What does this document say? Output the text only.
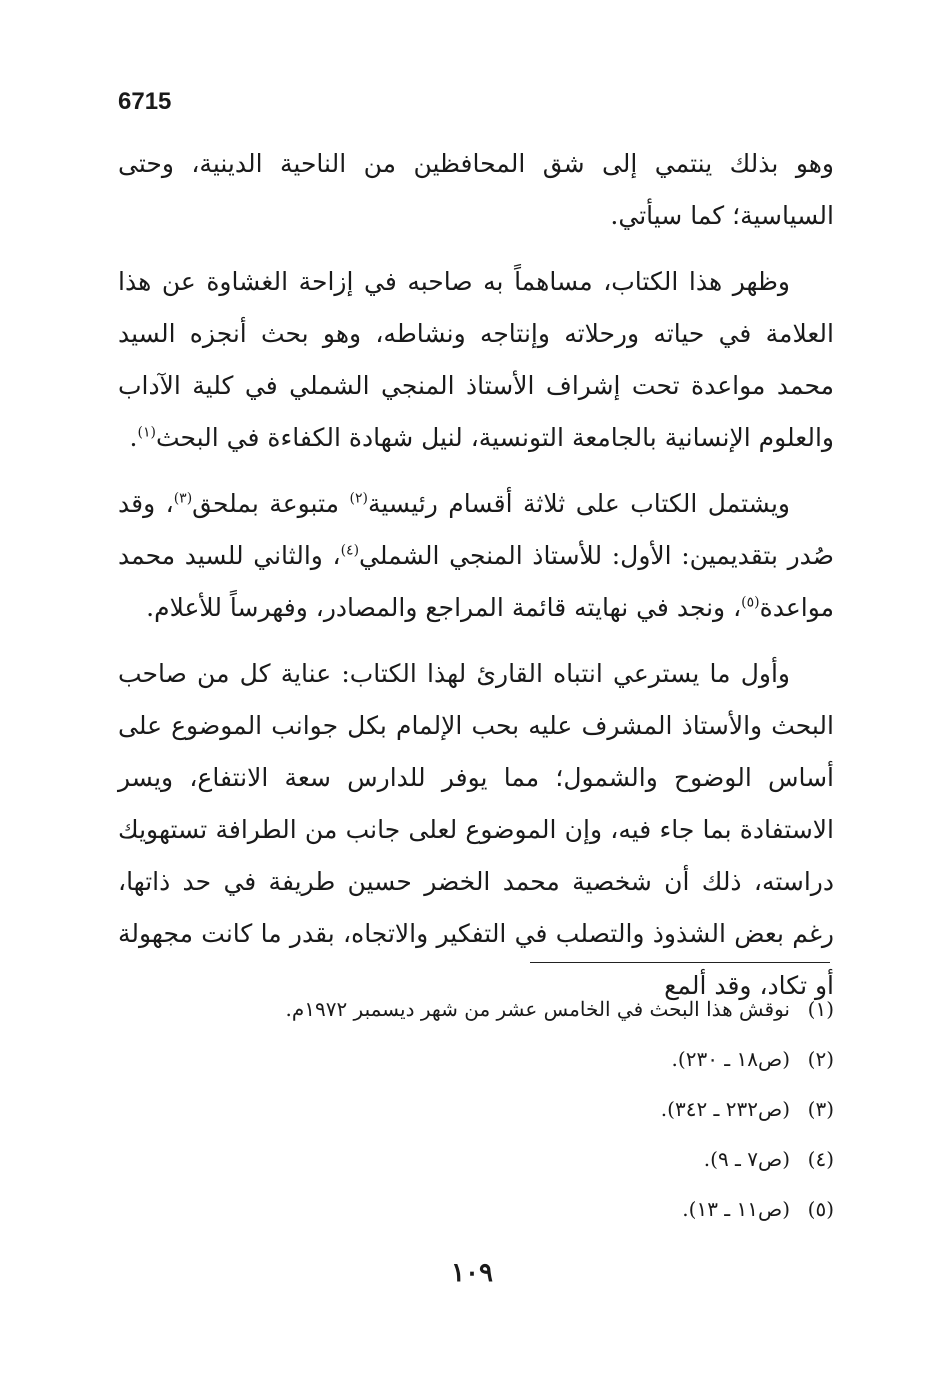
6715

وهو بذلك ينتمي إلى شق المحافظين من الناحية الدينية، وحتى السياسية؛ كما سيأتي.

وظهر هذا الكتاب، مساهماً به صاحبه في إزاحة الغشاوة عن هذا العلامة في حياته ورحلاته وإنتاجه ونشاطه، وهو بحث أنجزه السيد محمد مواعدة تحت إشراف الأستاذ المنجي الشملي في كلية الآداب والعلوم الإنسانية بالجامعة التونسية، لنيل شهادة الكفاءة في البحث$^{(١)}$.

ويشتمل الكتاب على ثلاثة أقسام رئيسية$^{(٢)}$ متبوعة بملحق$^{(٣)}$، وقد صُدر بتقديمين: الأول: للأستاذ المنجي الشملي$^{(٤)}$، والثاني للسيد محمد مواعدة$^{(٥)}$، ونجد في نهايته قائمة المراجع والمصادر، وفهرساً للأعلام.

وأول ما يسترعي انتباه القارئ لهذا الكتاب: عناية كل من صاحب البحث والأستاذ المشرف عليه بحب الإلمام بكل جوانب الموضوع على أساس الوضوح والشمول؛ مما يوفر للدارس سعة الانتفاع، ويسر الاستفادة بما جاء فيه، وإن الموضوع لعلى جانب من الطرافة تستهويك دراسته، ذلك أن شخصية محمد الخضر حسين طريفة في حد ذاتها، رغم بعض الشذوذ والتصلب في التفكير والاتجاه، بقدر ما كانت مجهولة أو تكاد، وقد ألمع

(١)
نوقش هذا البحث في الخامس عشر من شهر ديسمبر ١٩٧٢م.
(٢)
(ص١٨ ـ ٢٣٠).
(٣)
(ص٢٣٢ ـ ٣٤٢).
(٤)
(ص٧ ـ ٩).
(٥)
(ص١١ ـ ١٣).
١٠٩
